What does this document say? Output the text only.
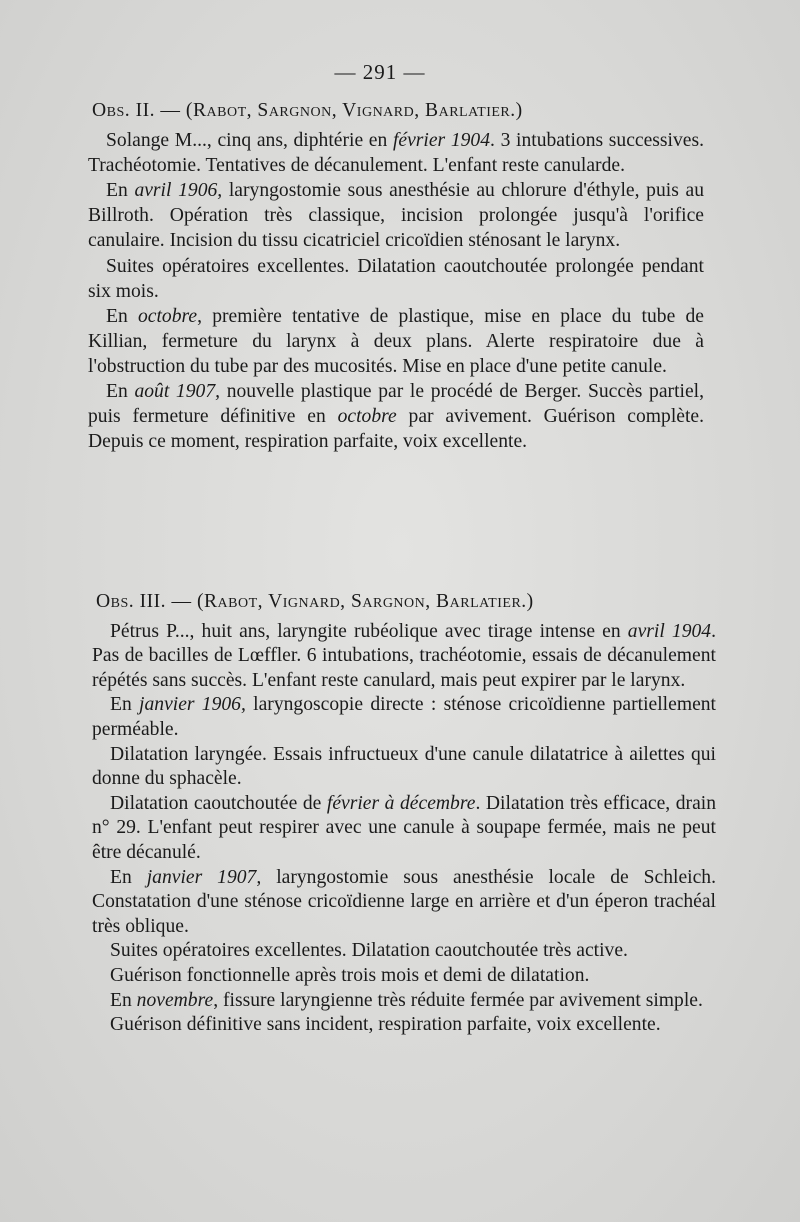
— 291 —

Obs. II. — (Rabot, Sargnon, Vignard, Barlatier.)

Solange M..., cinq ans, diphtérie en février 1904. 3 intubations successives. Trachéotomie. Tentatives de décanulement. L'enfant reste canularde.

En avril 1906, laryngostomie sous anesthésie au chlorure d'éthyle, puis au Billroth. Opération très classique, incision prolongée jusqu'à l'orifice canulaire. Incision du tissu cicatriciel cricoïdien sténosant le larynx.

Suites opératoires excellentes. Dilatation caoutchoutée prolongée pendant six mois.

En octobre, première tentative de plastique, mise en place du tube de Killian, fermeture du larynx à deux plans. Alerte respiratoire due à l'obstruction du tube par des mucosités. Mise en place d'une petite canule.

En août 1907, nouvelle plastique par le procédé de Berger. Succès partiel, puis fermeture définitive en octobre par avivement. Guérison complète. Depuis ce moment, respiration parfaite, voix excellente.

Obs. III. — (Rabot, Vignard, Sargnon, Barlatier.)

Pétrus P..., huit ans, laryngite rubéolique avec tirage intense en avril 1904. Pas de bacilles de Lœffler. 6 intubations, trachéotomie, essais de décanulement répétés sans succès. L'enfant reste canulard, mais peut expirer par le larynx.

En janvier 1906, laryngoscopie directe : sténose cricoïdienne partiellement perméable.

Dilatation laryngée. Essais infructueux d'une canule dilatatrice à ailettes qui donne du sphacèle.

Dilatation caoutchoutée de février à décembre. Dilatation très efficace, drain n° 29. L'enfant peut respirer avec une canule à soupape fermée, mais ne peut être décanulé.

En janvier 1907, laryngostomie sous anesthésie locale de Schleich. Constatation d'une sténose cricoïdienne large en arrière et d'un éperon trachéal très oblique.

Suites opératoires excellentes. Dilatation caoutchoutée très active.

Guérison fonctionnelle après trois mois et demi de dilatation.

En novembre, fissure laryngienne très réduite fermée par avivement simple.

Guérison définitive sans incident, respiration parfaite, voix excellente.
